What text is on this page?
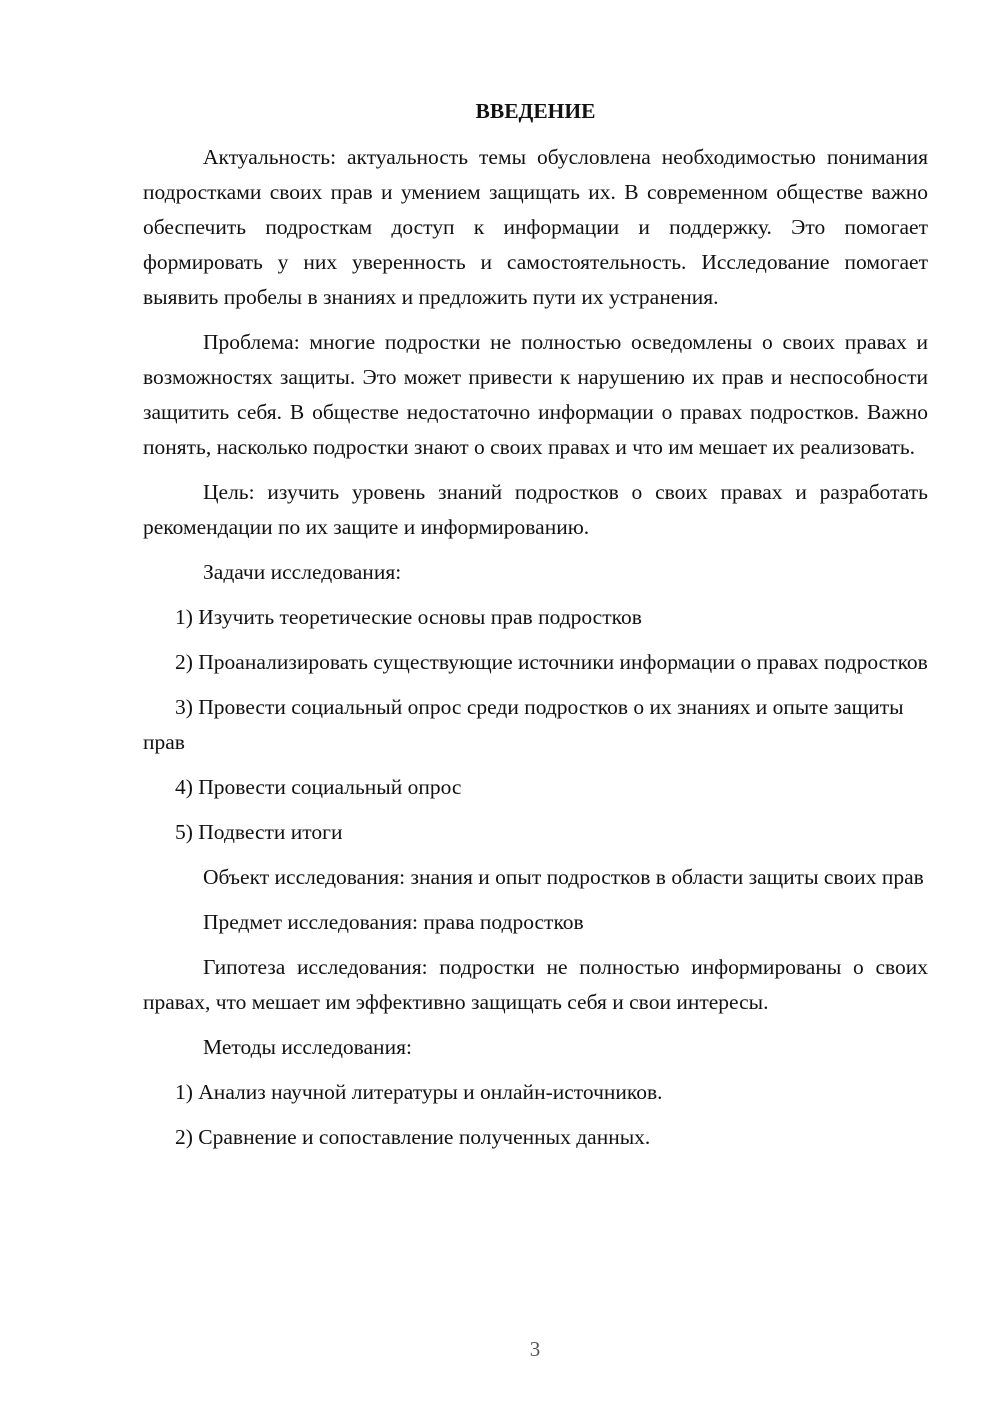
ВВЕДЕНИЕ

Актуальность: актуальность темы обусловлена необходимостью понимания подростками своих прав и умением защищать их. В современном обществе важно обеспечить подросткам доступ к информации и поддержку. Это помогает формировать у них уверенность и самостоятельность. Исследование помогает выявить пробелы в знаниях и предложить пути их устранения.

Проблема: многие подростки не полностью осведомлены о своих правах и возможностях защиты. Это может привести к нарушению их прав и неспособности защитить себя. В обществе недостаточно информации о правах подростков. Важно понять, насколько подростки знают о своих правах и что им мешает их реализовать.

Цель: изучить уровень знаний подростков о своих правах и разработать рекомендации по их защите и информированию.

Задачи исследования:

1) Изучить теоретические основы прав подростков

2) Проанализировать существующие источники информации о правах подростков

3) Провести социальный опрос среди подростков о их знаниях и опыте защиты прав

4) Провести социальный опрос

5) Подвести итоги

Объект исследования: знания и опыт подростков в области защиты своих прав

Предмет исследования: права подростков

Гипотеза исследования: подростки не полностью информированы о своих правах, что мешает им эффективно защищать себя и свои интересы.

Методы исследования:

1) Анализ научной литературы и онлайн-источников.

2) Сравнение и сопоставление полученных данных.

3
